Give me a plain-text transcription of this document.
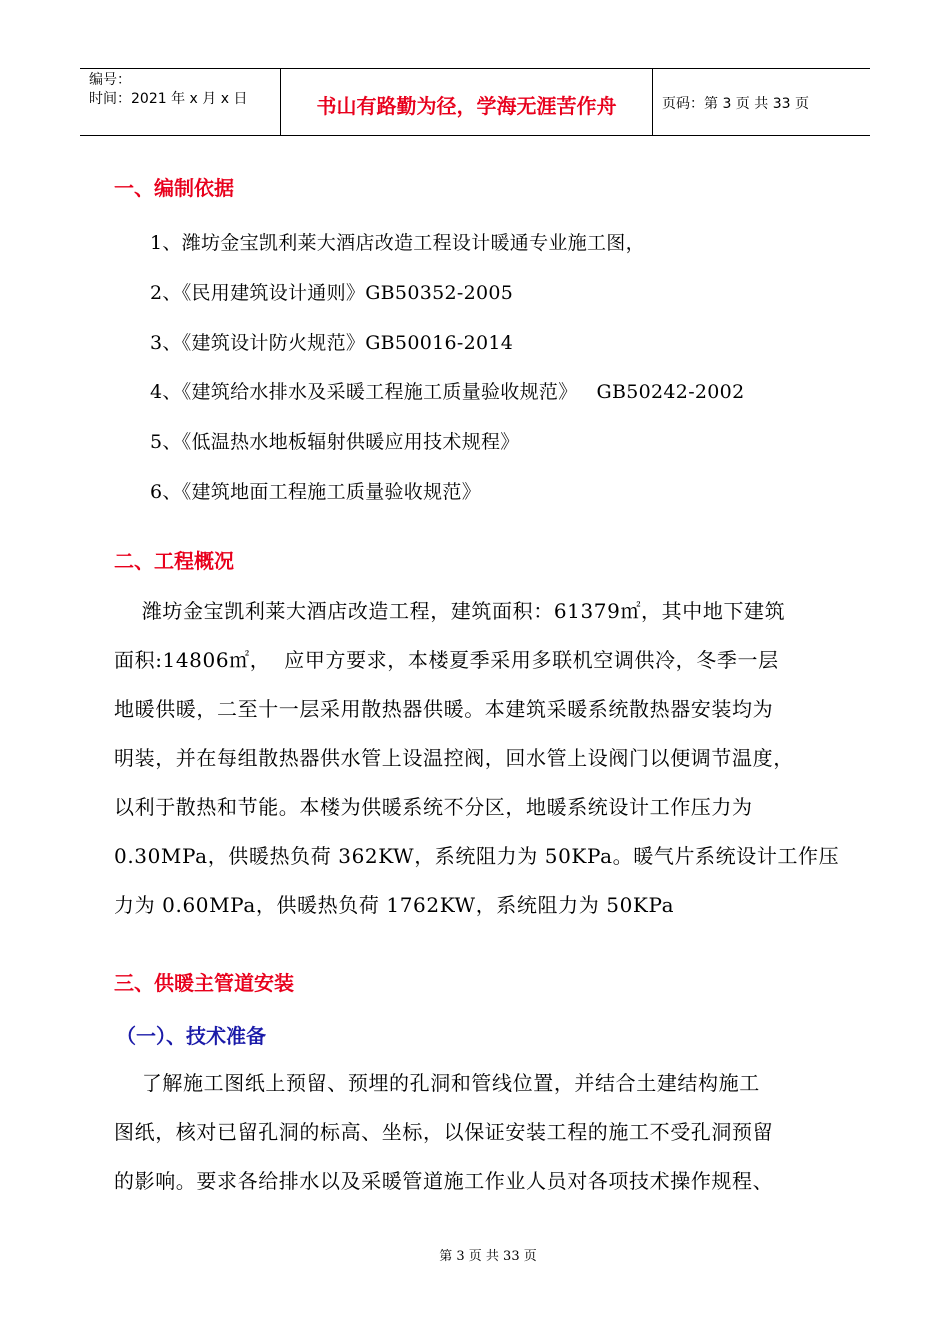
编号：
时间：2021 年 x 月 x 日	书山有路勤为径，学海无涯苦作舟	页码：第 3 页 共 33 页
一、编制依据
1、潍坊金宝凯利莱大酒店改造工程设计暖通专业施工图，
2、《民用建筑设计通则》GB50352-2005
3、《建筑设计防火规范》GB50016-2014
4、《建筑给水排水及采暖工程施工质量验收规范》   GB50242-2002
5、《低温热水地板辐射供暖应用技术规程》
6、《建筑地面工程施工质量验收规范》
二、工程概况
潍坊金宝凯利莱大酒店改造工程，建筑面积：61379㎡，其中地下建筑
面积:14806㎡，  应甲方要求，本楼夏季采用多联机空调供冷，冬季一层
地暖供暖，二至十一层采用散热器供暖。本建筑采暖系统散热器安装均为
明装，并在每组散热器供水管上设温控阀，回水管上设阀门以便调节温度，
以利于散热和节能。本楼为供暖系统不分区，地暖系统设计工作压力为
0.30MPa，供暖热负荷 362KW，系统阻力为 50KPa。暖气片系统设计工作压
力为 0.60MPa，供暖热负荷 1762KW，系统阻力为 50KPa
三、供暖主管道安装
（一）、技术准备
了解施工图纸上预留、预埋的孔洞和管线位置，并结合土建结构施工
图纸，核对已留孔洞的标高、坐标，以保证安装工程的施工不受孔洞预留
的影响。要求各给排水以及采暖管道施工作业人员对各项技术操作规程、
第 3 页 共 33 页
